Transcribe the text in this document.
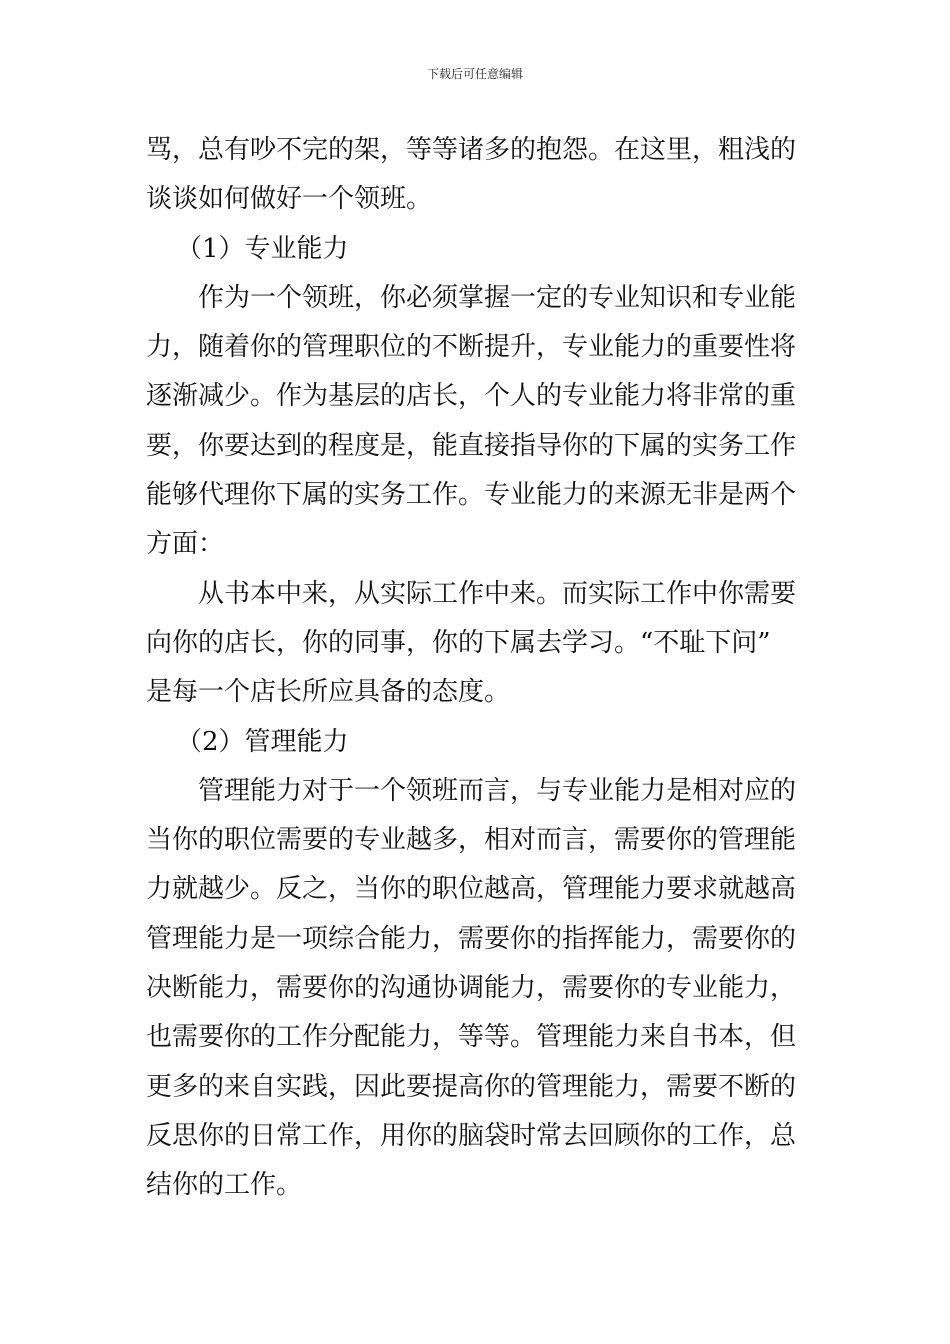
下载后可任意编辑
骂，总有吵不完的架，等等诸多的抱怨。在这里，粗浅的
谈谈如何做好一个领班。
（1）专业能力
作为一个领班，你必须掌握一定的专业知识和专业能
力，随着你的管理职位的不断提升，专业能力的重要性将
逐渐减少。作为基层的店长，个人的专业能力将非常的重
要，你要达到的程度是，能直接指导你的下属的实务工作
能够代理你下属的实务工作。专业能力的来源无非是两个
方面：
从书本中来，从实际工作中来。而实际工作中你需要
向你的店长，你的同事，你的下属去学习。“不耻下问”
是每一个店长所应具备的态度。
（2）管理能力
管理能力对于一个领班而言，与专业能力是相对应的
当你的职位需要的专业越多，相对而言，需要你的管理能
力就越少。反之，当你的职位越高，管理能力要求就越高
管理能力是一项综合能力，需要你的指挥能力，需要你的
决断能力，需要你的沟通协调能力，需要你的专业能力，
也需要你的工作分配能力，等等。管理能力来自书本，但
更多的来自实践，因此要提高你的管理能力，需要不断的
反思你的日常工作，用你的脑袋时常去回顾你的工作，总
结你的工作。
